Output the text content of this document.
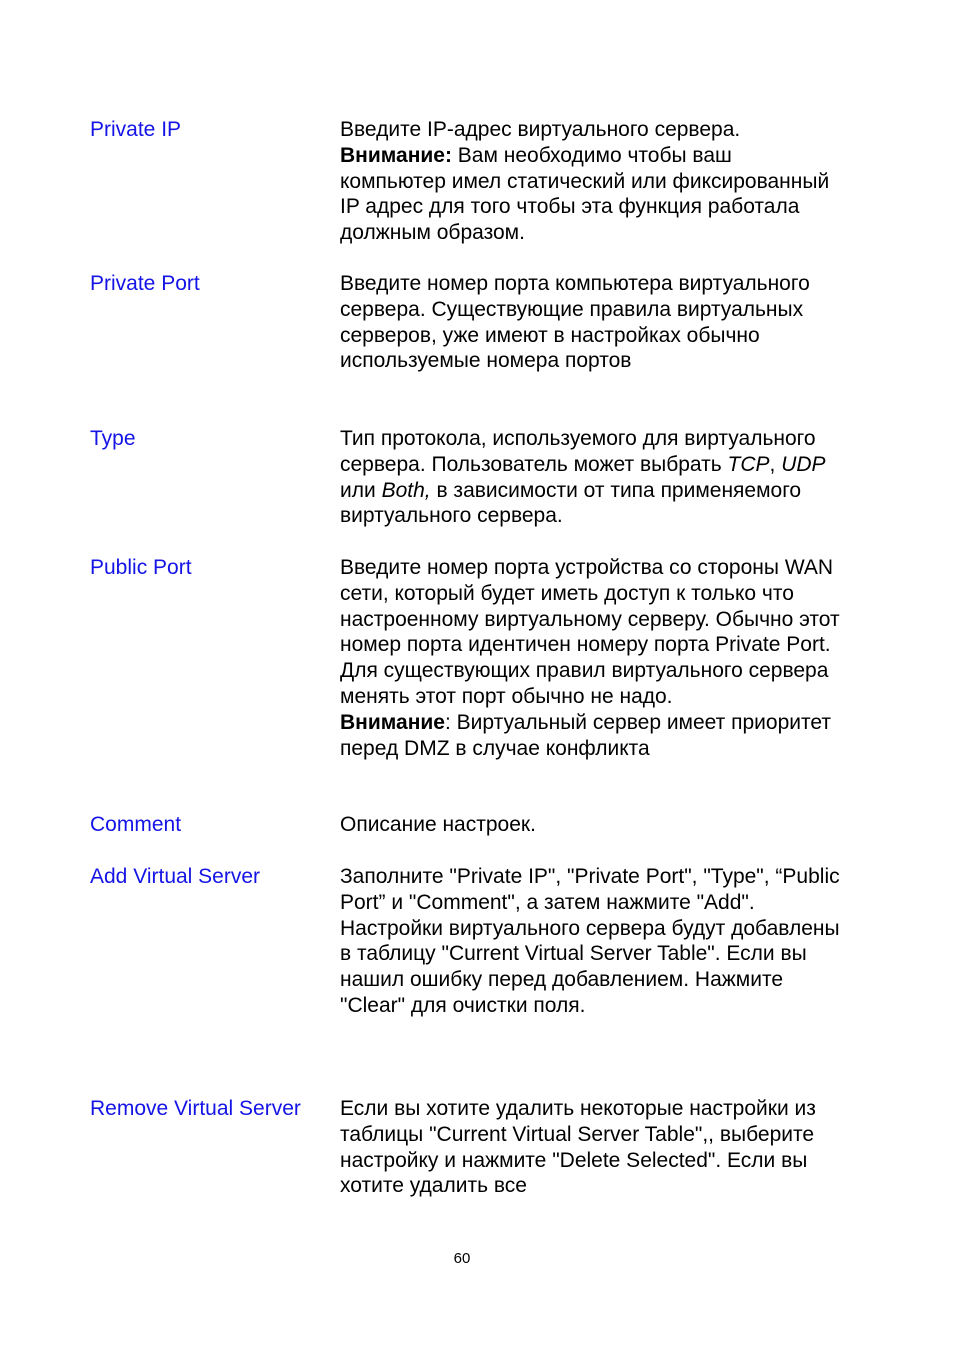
Private IP	Введите IP-адрес виртуального сервера.

Внимание: Вам необходимо чтобы ваш компьютер имел статический или фиксированный IP адрес для того чтобы эта функция работала должным образом.

Private Port	Введите номер порта компьютера виртуального сервера. Существующие правила виртуальных серверов, уже имеют в настройках обычно используемые номера портов

Type	Тип протокола, используемого для виртуального сервера. Пользователь может выбрать TCP, UDP или Both, в зависимости от типа применяемого виртуального сервера.

Public Port	Введите номер порта устройства со стороны WAN сети, который будет иметь доступ к только что настроенному виртуальному серверу. Обычно этот номер порта идентичен номеру порта Private Port. Для существующих правил виртуального сервера менять этот порт обычно не надо.

Внимание: Виртуальный сервер имеет приоритет перед DMZ в случае конфликта

Comment	Описание настроек.

Add Virtual Server	Заполните "Private IP", "Private Port", "Type", “Public Port” и "Comment", а затем нажмите "Add". Настройки виртуального сервера будут добавлены в таблицу "Current Virtual Server Table". Если вы нашил ошибку перед добавлением. Нажмите "Clear" для очистки поля.

Remove Virtual Server	Если вы хотите удалить некоторые настройки из таблицы "Current Virtual Server Table",, выберите настройку и нажмите "Delete Selected". Если вы хотите удалить все

60
